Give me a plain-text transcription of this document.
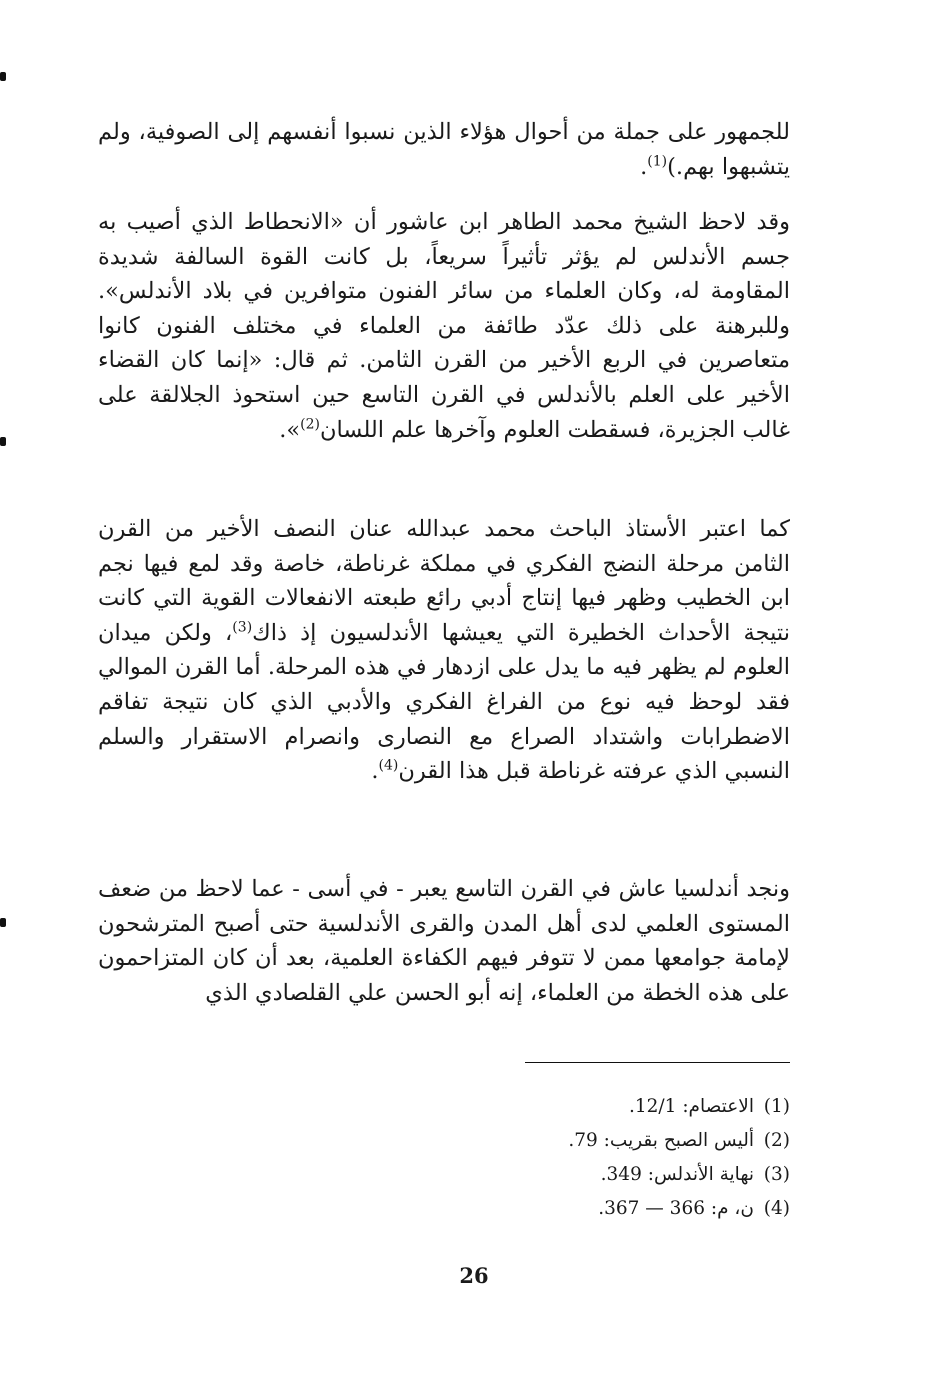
للجمهور على جملة من أحوال هؤلاء الذين نسبوا أنفسهم إلى الصوفية، ولم يتشبهوا بهم.)$^{(1)}$.

وقد لاحظ الشيخ محمد الطاهر ابن عاشور أن «الانحطاط الذي أصيب به جسم الأندلس لم يؤثر تأثيراً سريعاً، بل كانت القوة السالفة شديدة المقاومة له، وكان العلماء من سائر الفنون متوافرين في بلاد الأندلس». وللبرهنة على ذلك عدّد طائفة من العلماء في مختلف الفنون كانوا متعاصرين في الربع الأخير من القرن الثامن. ثم قال: «إنما كان القضاء الأخير على العلم بالأندلس في القرن التاسع حين استحوذ الجلالقة على غالب الجزيرة، فسقطت العلوم وآخرها علم اللسان$^{(2)}$».

كما اعتبر الأستاذ الباحث محمد عبدالله عنان النصف الأخير من القرن الثامن مرحلة النضج الفكري في مملكة غرناطة، خاصة وقد لمع فيها نجم ابن الخطيب وظهر فيها إنتاج أدبي رائع طبعته الانفعالات القوية التي كانت نتيجة الأحداث الخطيرة التي يعيشها الأندلسيون إذ ذاك$^{(3)}$، ولكن ميدان العلوم لم يظهر فيه ما يدل على ازدهار في هذه المرحلة. أما القرن الموالي فقد لوحظ فيه نوع من الفراغ الفكري والأدبي الذي كان نتيجة تفاقم الاضطرابات واشتداد الصراع مع النصارى وانصرام الاستقرار والسلم النسبي الذي عرفته غرناطة قبل هذا القرن$^{(4)}$.

ونجد أندلسيا عاش في القرن التاسع يعبر - في أسى - عما لاحظ من ضعف المستوى العلمي لدى أهل المدن والقرى الأندلسية حتى أصبح المترشحون لإمامة جوامعها ممن لا تتوفر فيهم الكفاءة العلمية، بعد أن كان المتزاحمون على هذه الخطة من العلماء، إنه أبو الحسن علي القلصادي الذي

(1)الاعتصام: 12/1.
(2)أليس الصبح بقريب: 79.
(3)نهاية الأندلس: 349.
(4)ن، م: 366 — 367.
26
